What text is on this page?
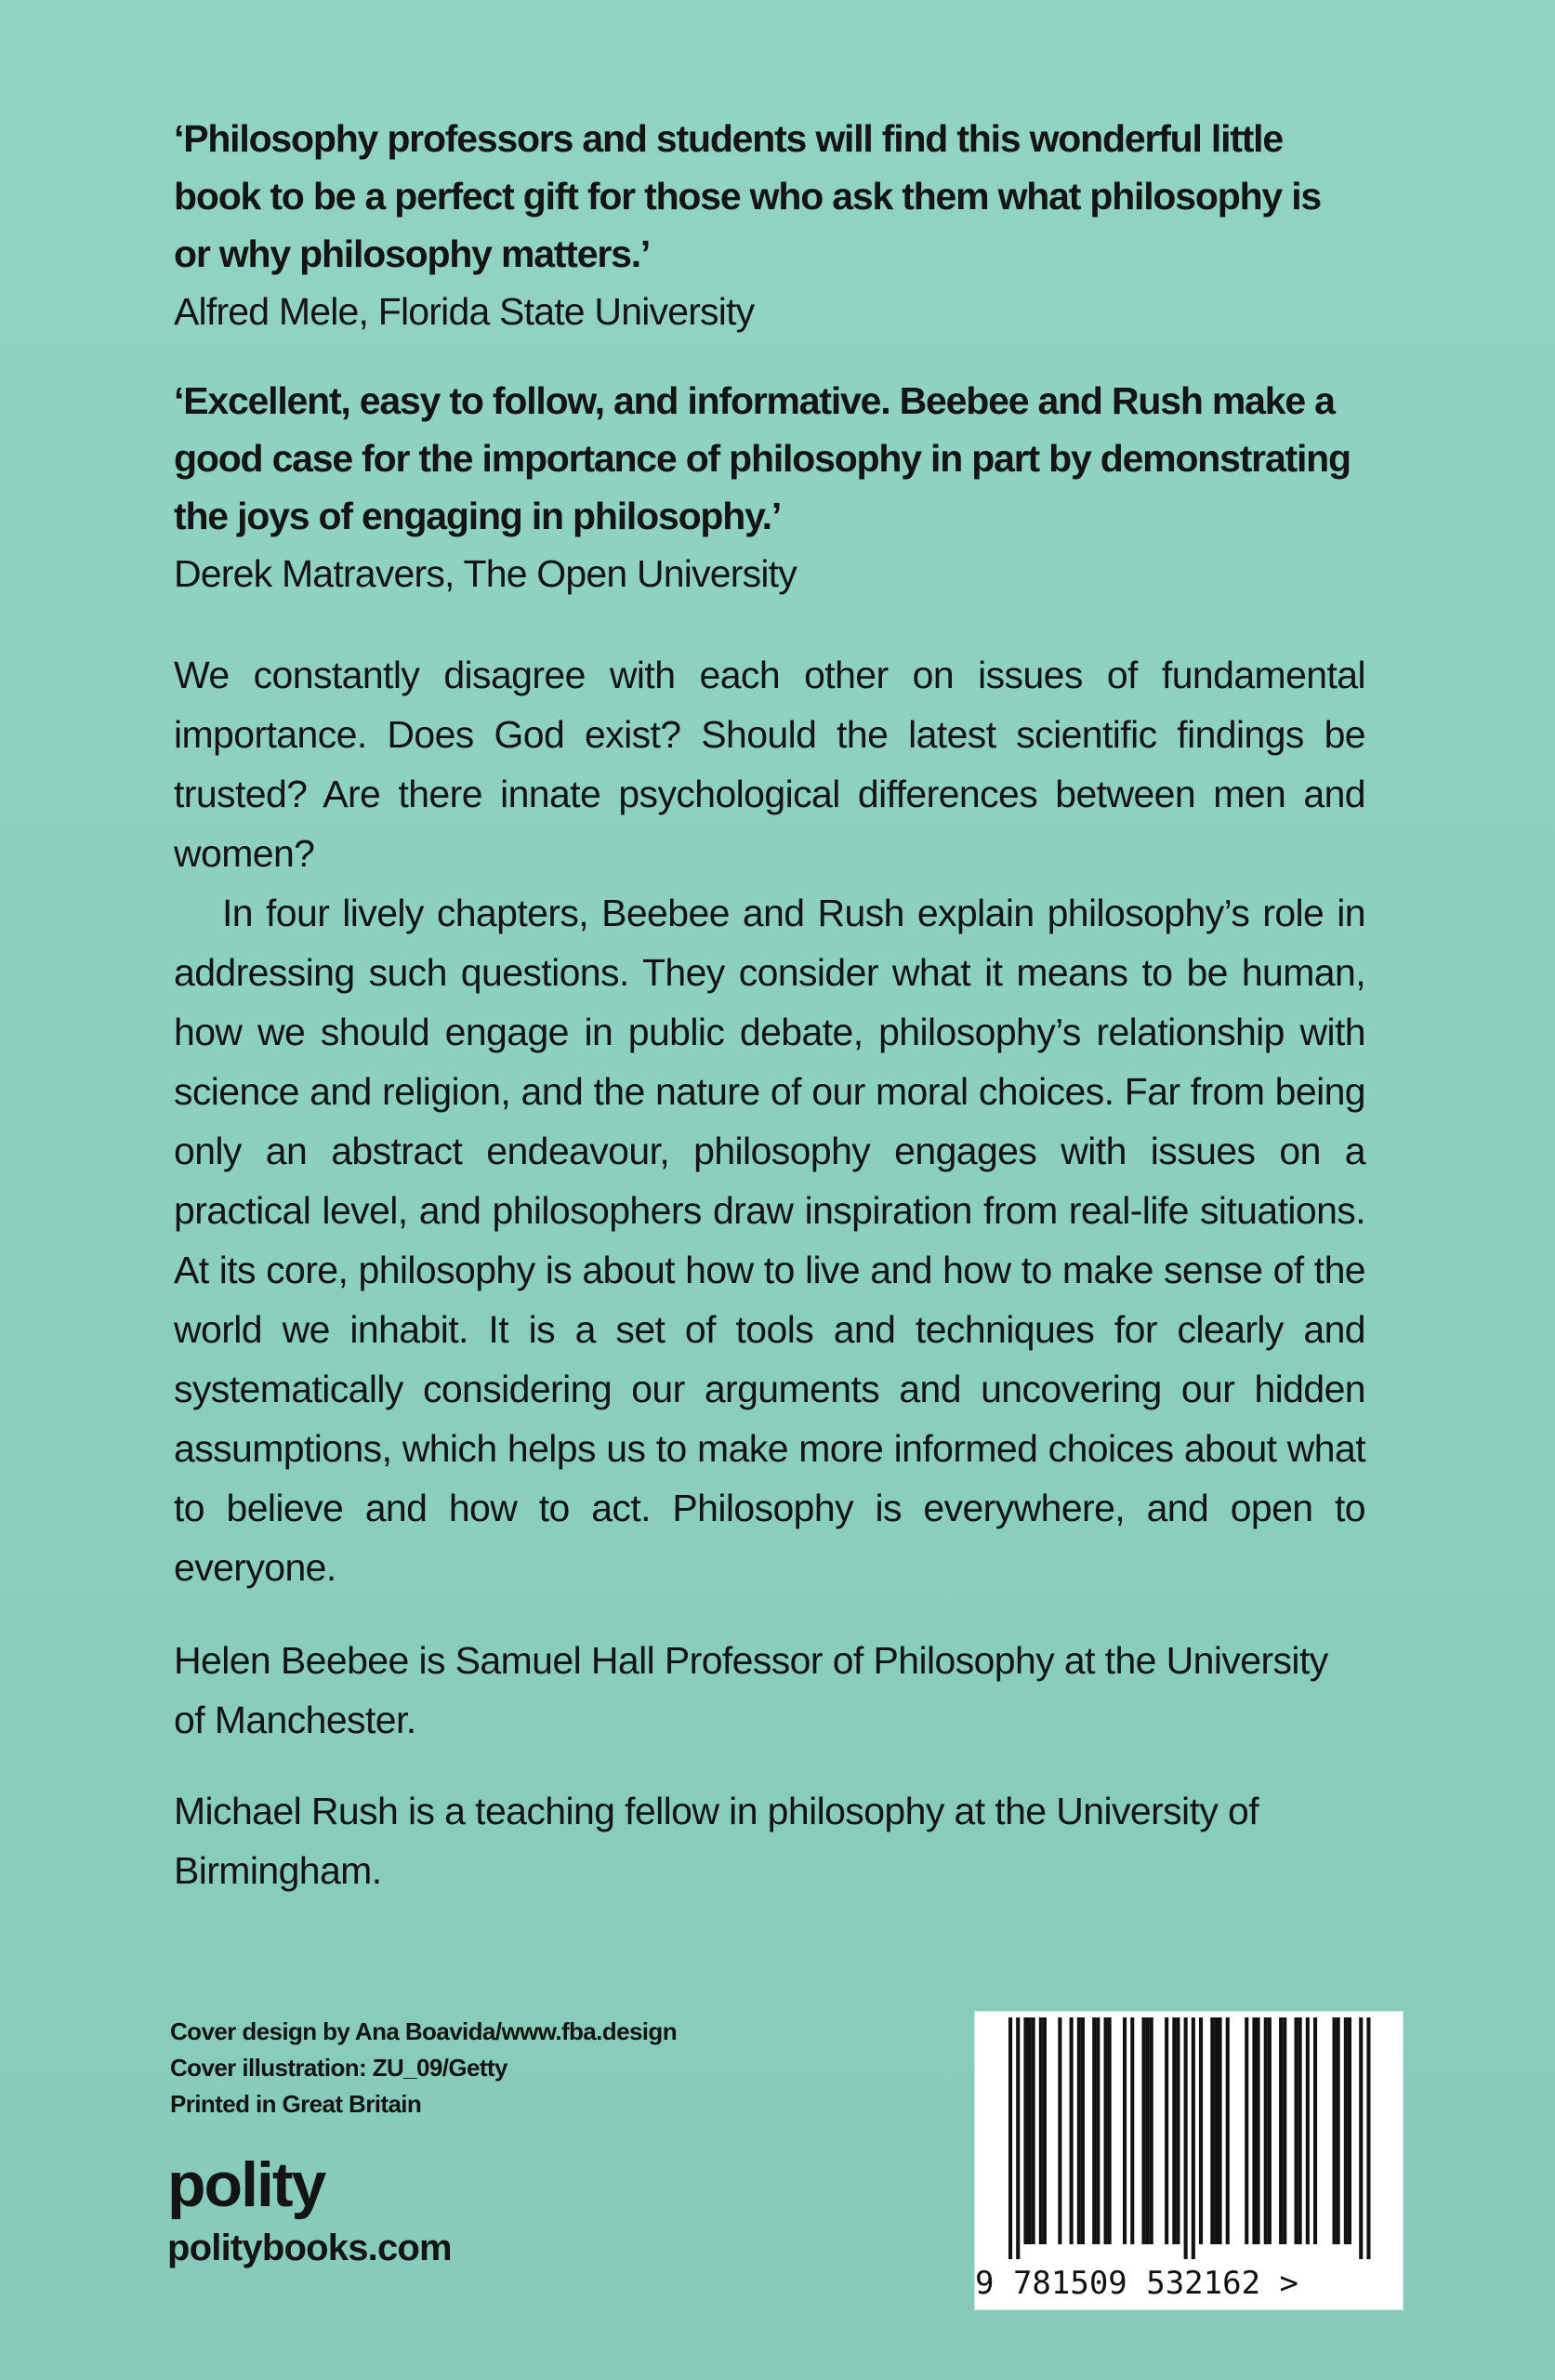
‘Philosophy professors and students will find this wonderful little book to be a perfect gift for those who ask them what philosophy is or why philosophy matters.’

Alfred Mele, Florida State University

‘Excellent, easy to follow, and informative. Beebee and Rush make a good case for the importance of philosophy in part by demonstrating the joys of engaging in philosophy.’

Derek Matravers, The Open University

We constantly disagree with each other on issues of fundamental importance. Does God exist? Should the latest scientific findings be trusted? Are there innate psychological differences between men and women?

In four lively chapters, Beebee and Rush explain philosophy’s role in addressing such questions. They consider what it means to be human, how we should engage in public debate, philosophy’s relationship with science and religion, and the nature of our moral choices. Far from being only an abstract endeavour, philosophy engages with issues on a practical level, and philosophers draw inspiration from real-life situations. At its core, philosophy is about how to live and how to make sense of the world we inhabit. It is a set of tools and techniques for clearly and systematically considering our arguments and uncovering our hidden assumptions, which helps us to make more informed choices about what to believe and how to act. Philosophy is everywhere, and open to everyone.

Helen Beebee is Samuel Hall Professor of Philosophy at the University of Manchester.

Michael Rush is a teaching fellow in philosophy at the University of Birmingham.

Cover design by Ana Boavida/www.fba.design
Cover illustration: ZU_09/Getty
Printed in Great Britain
polity
politybooks.com
9 781509 532162 >
